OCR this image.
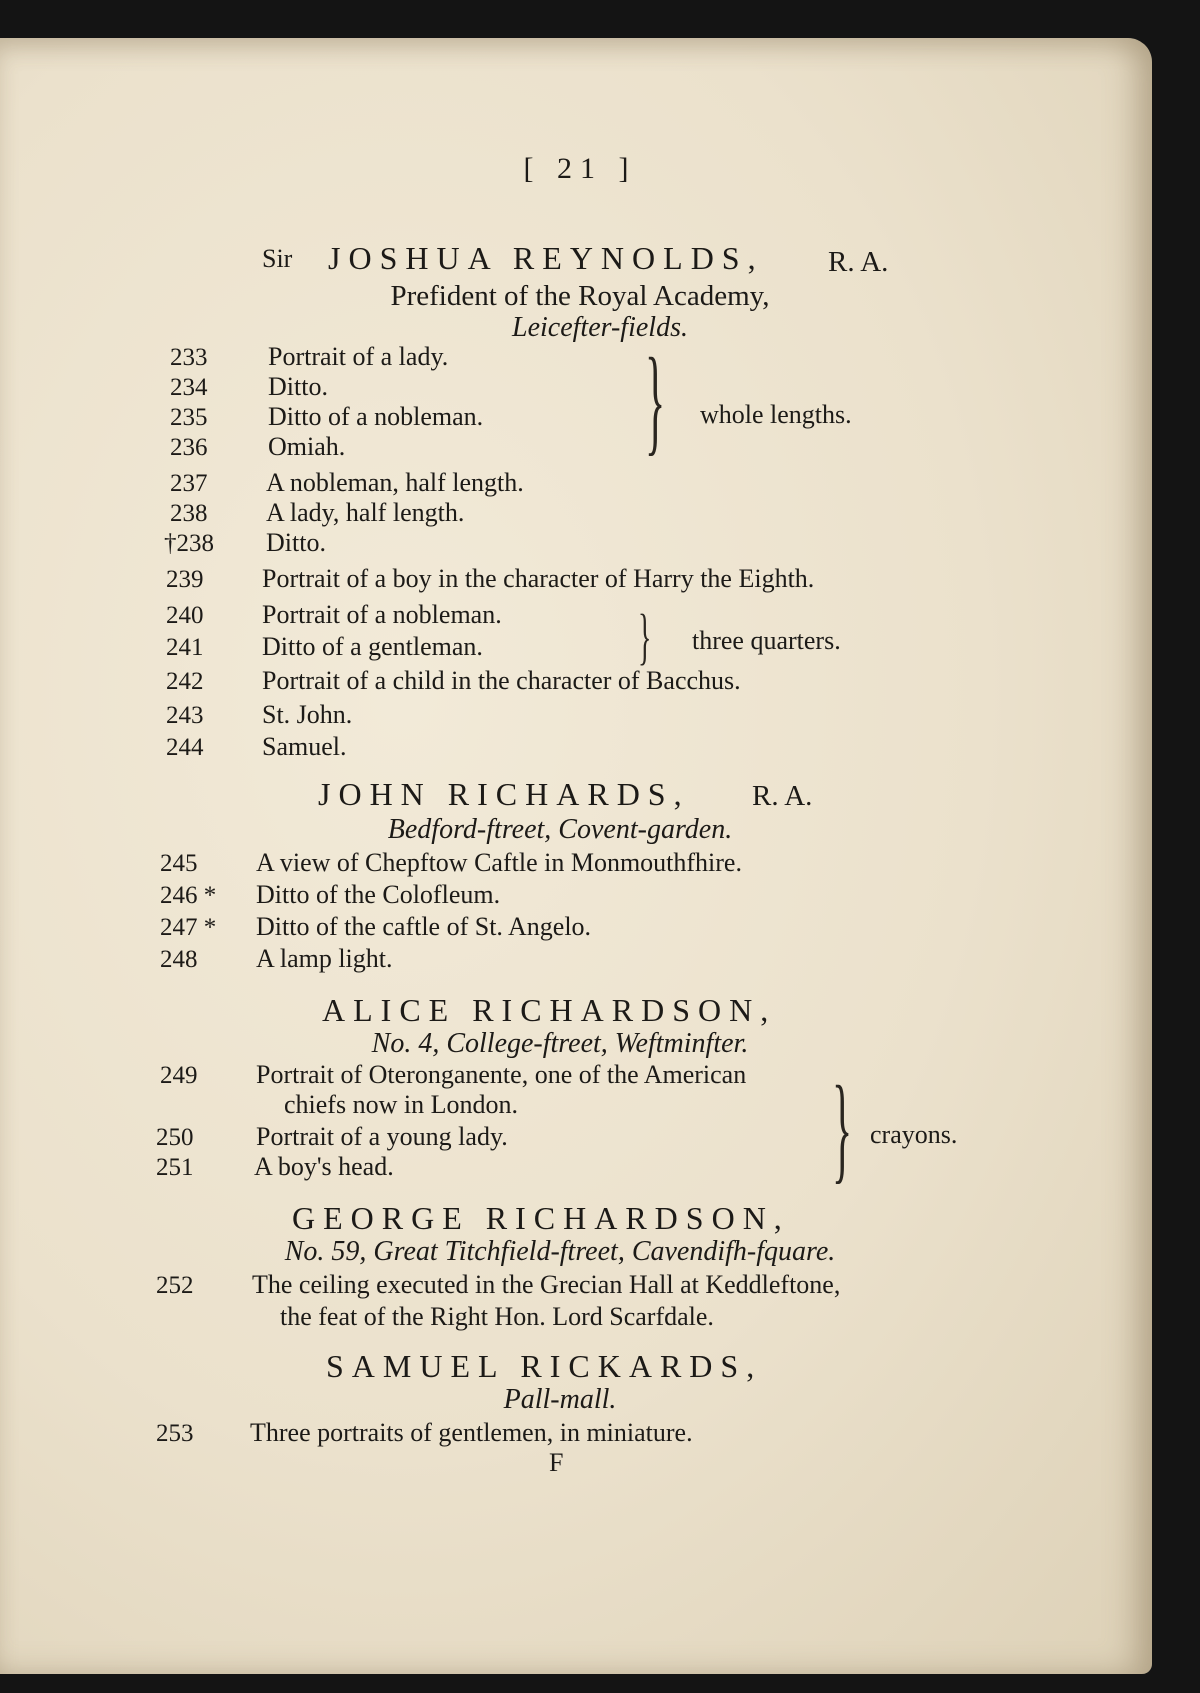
[ 21 ]
Sir JOSHUA REYNOLDS, R. A.
Prefident of the Royal Academy,
Leicefter-fields.
233 Portrait of a lady.
234 Ditto.
235 Ditto of a nobleman.
236 Omiah. } whole lengths.
237 A nobleman, half length.
238 A lady, half length.
†238 Ditto.
239 Portrait of a boy in the character of Harry the Eighth.
240 Portrait of a nobleman.
241 Ditto of a gentleman.	} three quarters.
242 Portrait of a child in the character of Bacchus.
243 St. John.
244 Samuel.
JOHN RICHARDS, R. A.
Bedford-ftreet, Covent-garden.
245 A view of Chepftow Caftle in Monmouthfhire.
246 * Ditto of the Colofleum.
247 * Ditto of the caftle of St. Angelo.
248 A lamp light.
ALICE RICHARDSON,
No. 4, College-ftreet, Weftminfter.
249 Portrait of Oteronganente, one of the American
chiefs now in London.
250 Portrait of a young lady.
251 A boy's head.	} crayons.
GEORGE RICHARDSON,
No. 59, Great Titchfield-ftreet, Cavendifh-fquare.
252 The ceiling executed in the Grecian Hall at Keddleftone,
the feat of the Right Hon. Lord Scarfdale.
SAMUEL RICKARDS,
Pall-mall.
253 Three portraits of gentlemen, in miniature.
F
